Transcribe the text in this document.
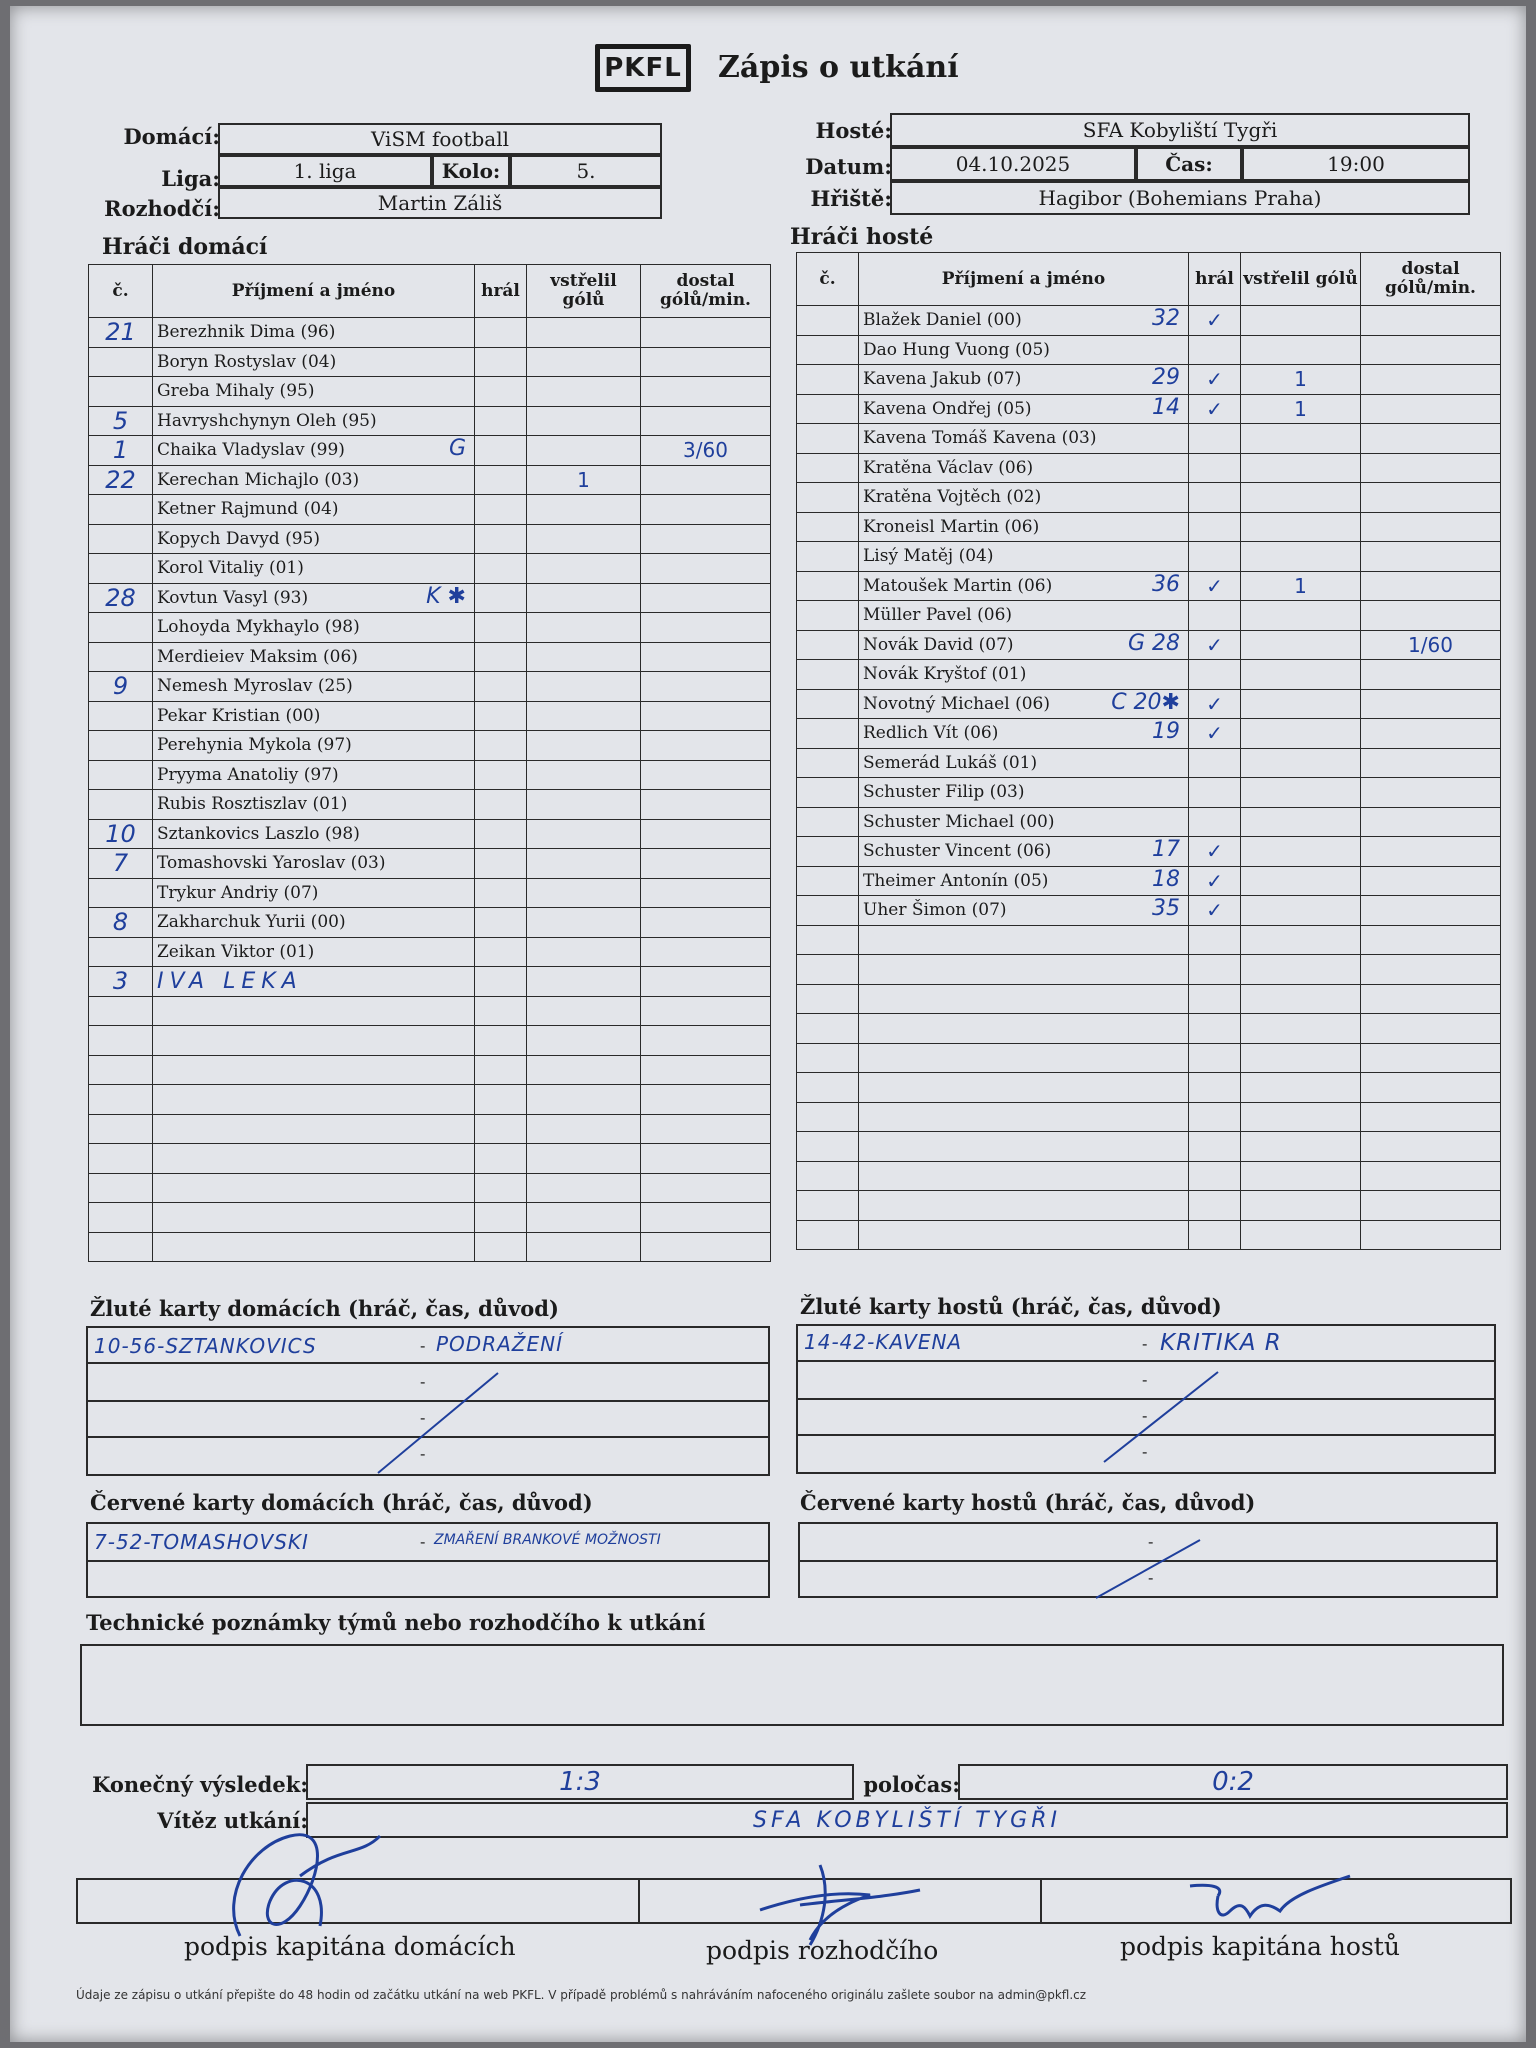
PKFL	Zápis o utkání
Domácí:
Liga:
Rozhodčí:
ViSM football
1. liga	Kolo:	5.
Martin Záliš
Hosté:
Datum:
Hřiště:
SFA Kobyliští Tygři
04.10.2025	Čas:	19:00
Hagibor (Bohemians Praha)
Hráči domácí	Hráči hosté
č.	Příjmení a jméno	hrál	vstřelil gólů	dostal gólů/min.
21	Berezhnik Dima (96)			
	Boryn Rostyslav (04)			
	Greba Mihaly (95)			
5	Havryshchynyn Oleh (95)			
1	Chaika Vladyslav (99) G			3/60
22	Kerechan Michajlo (03)		1	
	Ketner Rajmund (04)			
	Kopych Davyd (95)			
	Korol Vitaliy (01)			
28	Kovtun Vasyl (93) K ✱			

	Lohoyda Mykhaylo (98)			
	Merdieiev Maksim (06)			
9	Nemesh Myroslav (25)			
	Pekar Kristian (00)			
	Perehynia Mykola (97)			
	Pryyma Anatoliy (97)			
	Rubis Rosztiszlav (01)			
10	Sztankovics Laszlo (98)			
7	Tomashovski Yaroslav (03)			
	Trykur Andriy (07)			
8	Zakharchuk Yurii (00)			
	Zeikan Viktor (01)			
3	IVA LEKA			

č.	Příjmení a jméno	hrál	vstřelil gólů	dostal gólů/min.
	Blažek Daniel (00) 32	✓		
	Dao Hung Vuong (05)			
	Kavena Jakub (07) 29	✓	1	
	Kavena Ondřej (05) 14	✓	1	
	Kavena Tomáš Kavena (03)			
	Kratěna Václav (06)			
	Kratěna Vojtěch (02)			
	Kroneisl Martin (06)			
	Lisý Matěj (04)			
	Matoušek Martin (06) 36	✓	1	
	Müller Pavel (06)			
	Novák David (07) G 28	✓		1/60
	Novák Kryštof (01)			
	Novotný Michael (06) C 20✱	✓		
	Redlich Vít (06) 19	✓		
	Semerád Lukáš (01)			
	Schuster Filip (03)			
	Schuster Michael (00)			
	Schuster Vincent (06) 17	✓		
	Theimer Antonín (05) 18	✓		
	Uher Šimon (07) 35	✓		

Žluté karty domácích (hráč, čas, důvod)	Žluté karty hostů (hráč, čas, důvod)
10-56-SZTANKOVICS	- PODRAŽENÍ
-
-
-
14-42-KAVENA	- KRITIKA R
-
-
-
Červené karty domácích (hráč, čas, důvod)	Červené karty hostů (hráč, čas, důvod)
7-52-TOMASHOVSKI	- ZMAŘENÍ BRANKOVÉ MOŽNOSTI	-
-
Technické poznámky týmů nebo rozhodčího k utkání
Konečný výsledek:	1:3	poločas:	0:2
Vítěz utkání:	SFA KOBYLIŠTÍ TYGŘI
podpis kapitána domácích	podpis rozhodčího	podpis kapitána hostů
Údaje ze zápisu o utkání přepište do 48 hodin od začátku utkání na web PKFL. V případě problémů s nahráváním nafoceného originálu zašlete soubor na admin@pkfl.cz
